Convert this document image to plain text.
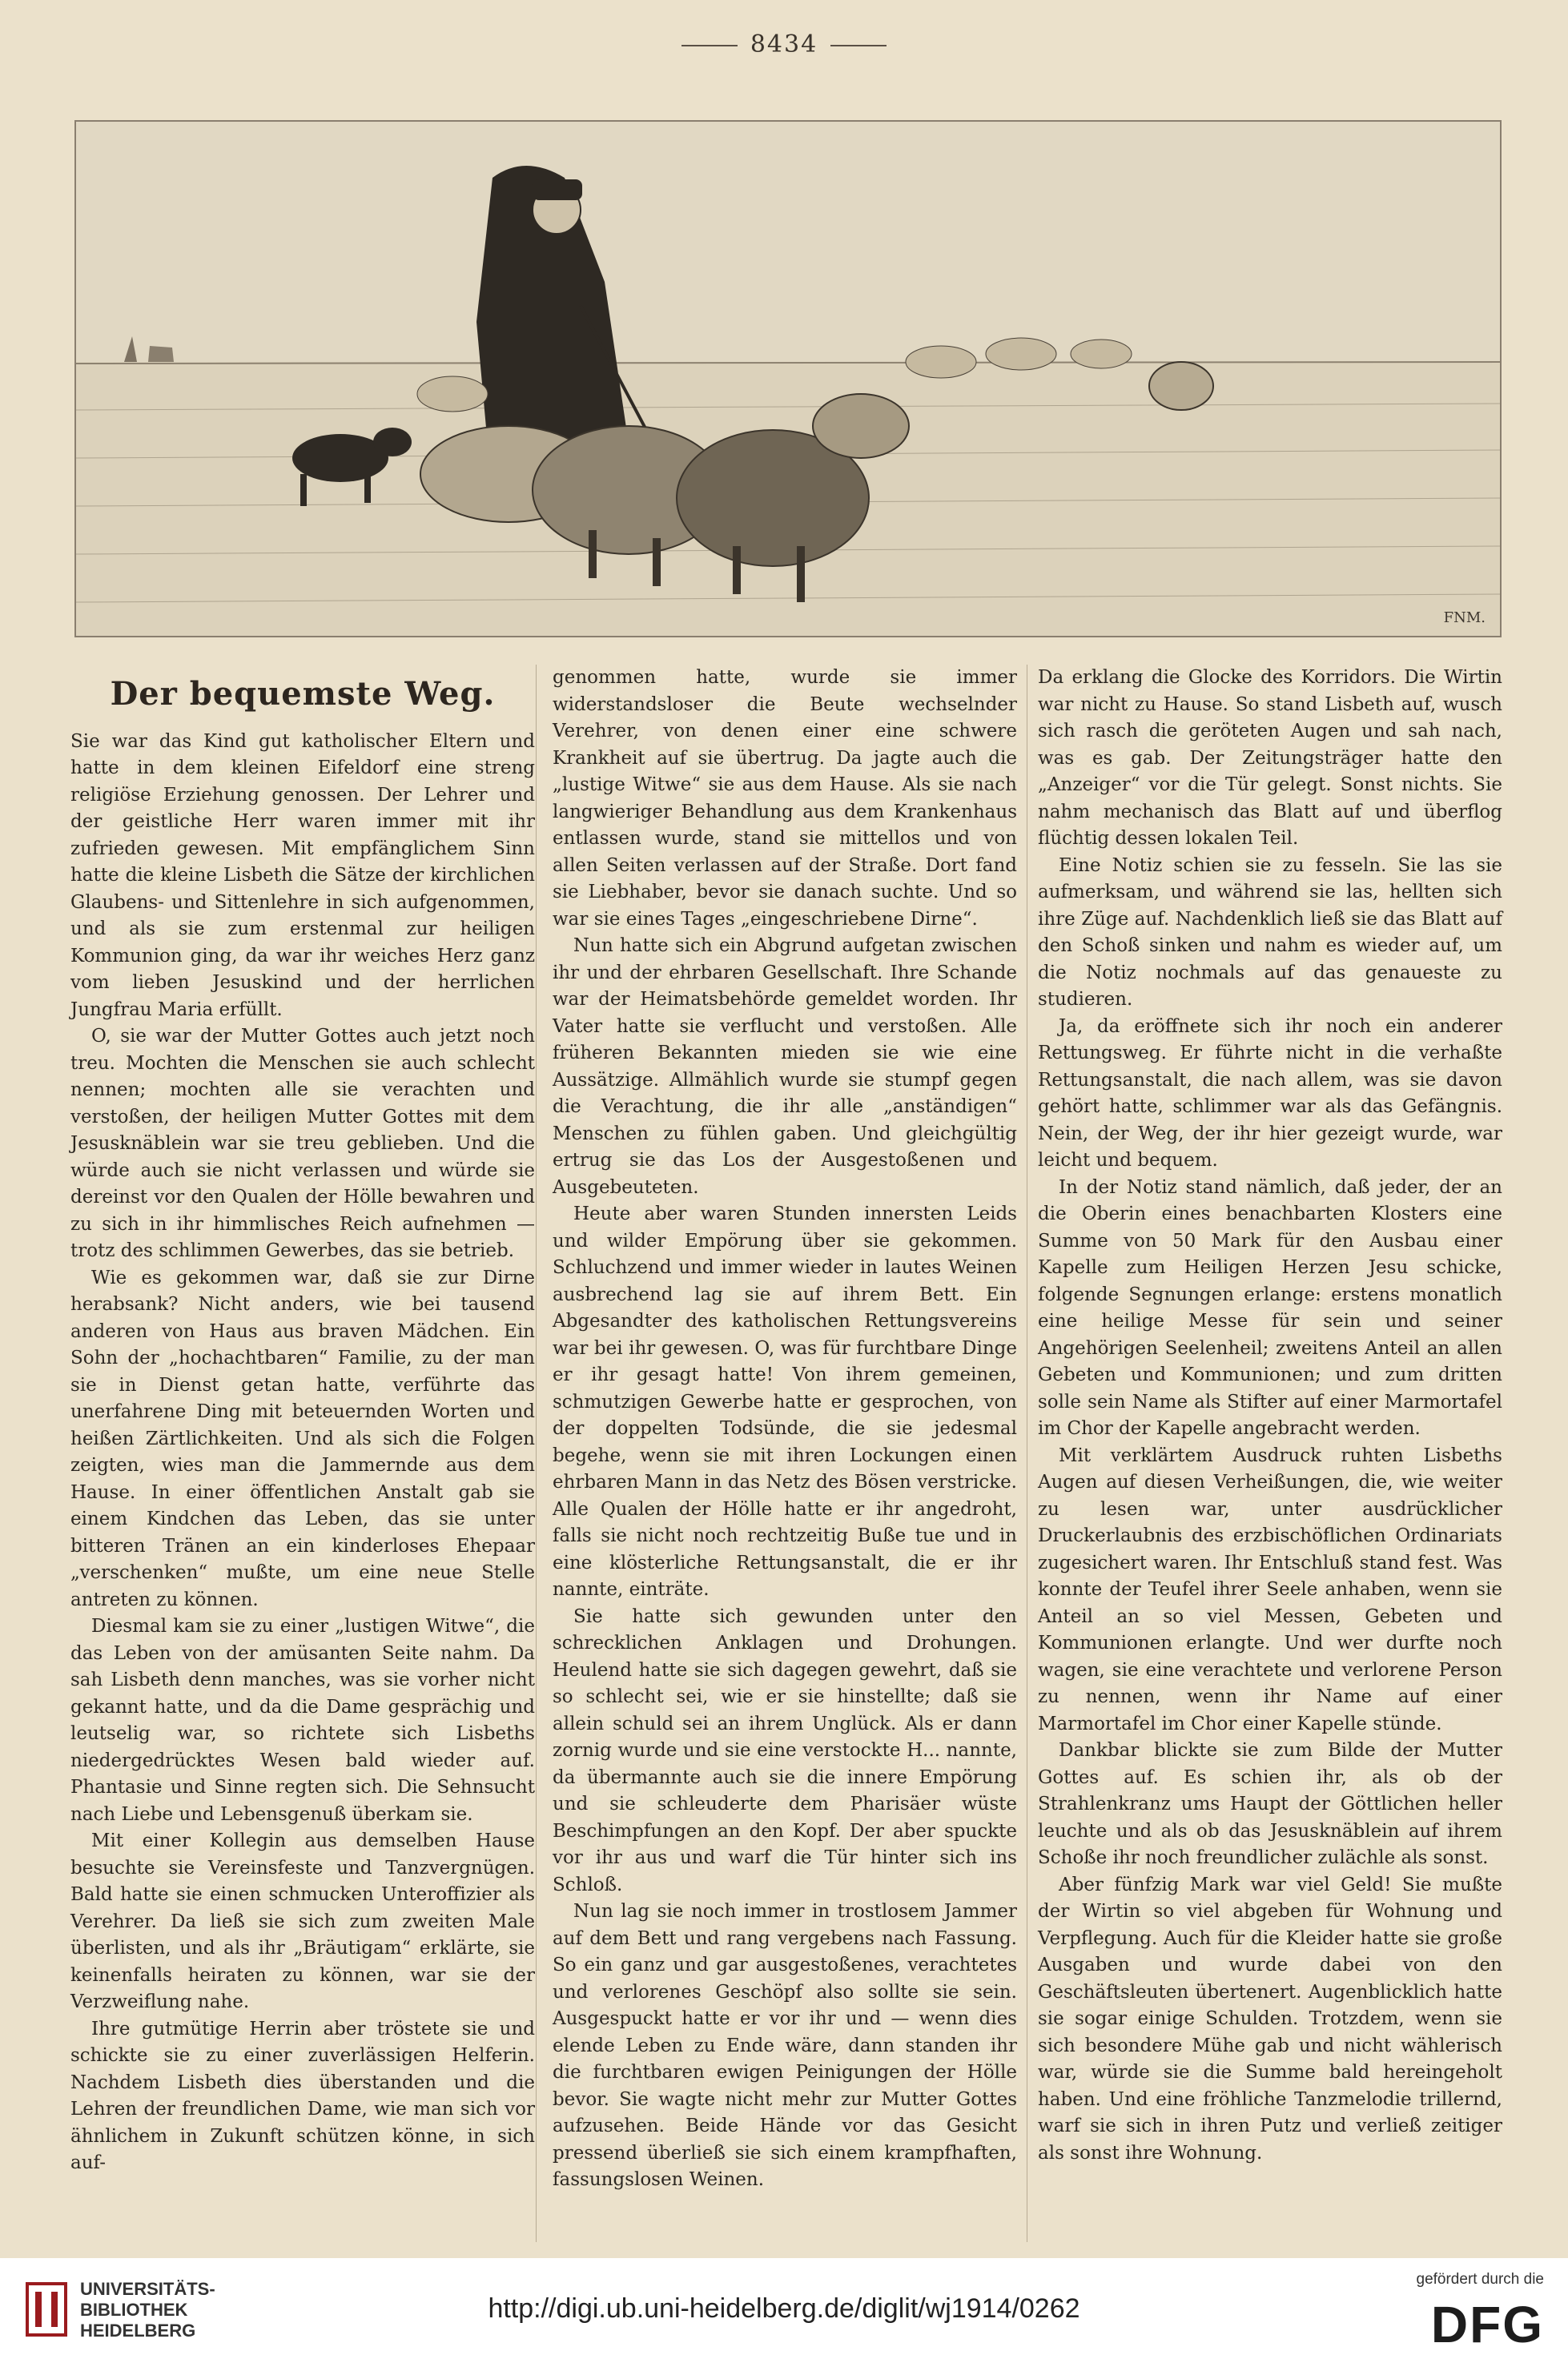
8434
FNM.
Der bequemste Weg.

Sie war das Kind gut katholischer Eltern und hatte in dem kleinen Eifeldorf eine streng religiöse Erziehung genossen. Der Lehrer und der geistliche Herr waren immer mit ihr zufrieden gewesen. Mit empfänglichem Sinn hatte die kleine Lisbeth die Sätze der kirchlichen Glaubens- und Sittenlehre in sich aufgenommen, und als sie zum erstenmal zur heiligen Kommunion ging, da war ihr weiches Herz ganz vom lieben Jesuskind und der herrlichen Jungfrau Maria erfüllt.

O, sie war der Mutter Gottes auch jetzt noch treu. Mochten die Menschen sie auch schlecht nennen; mochten alle sie verachten und verstoßen, der heiligen Mutter Gottes mit dem Jesusknäblein war sie treu geblieben. Und die würde auch sie nicht verlassen und würde sie dereinst vor den Qualen der Hölle bewahren und zu sich in ihr himmlisches Reich aufnehmen — trotz des schlimmen Gewerbes, das sie betrieb.

Wie es gekommen war, daß sie zur Dirne herabsank? Nicht anders, wie bei tausend anderen von Haus aus braven Mädchen. Ein Sohn der „hochachtbaren“ Familie, zu der man sie in Dienst getan hatte, verführte das unerfahrene Ding mit beteuernden Worten und heißen Zärtlichkeiten. Und als sich die Folgen zeigten, wies man die Jammernde aus dem Hause. In einer öffentlichen Anstalt gab sie einem Kindchen das Leben, das sie unter bitteren Tränen an ein kinderloses Ehepaar „verschenken“ mußte, um eine neue Stelle antreten zu können.

Diesmal kam sie zu einer „lustigen Witwe“, die das Leben von der amüsanten Seite nahm. Da sah Lisbeth denn manches, was sie vorher nicht gekannt hatte, und da die Dame gesprächig und leutselig war, so richtete sich Lisbeths niedergedrücktes Wesen bald wieder auf. Phantasie und Sinne regten sich. Die Sehnsucht nach Liebe und Lebensgenuß überkam sie.

Mit einer Kollegin aus demselben Hause besuchte sie Vereinsfeste und Tanzvergnügen. Bald hatte sie einen schmucken Unteroffizier als Verehrer. Da ließ sie sich zum zweiten Male überlisten, und als ihr „Bräutigam“ erklärte, sie keinenfalls heiraten zu können, war sie der Verzweiflung nahe.

Ihre gutmütige Herrin aber tröstete sie und schickte sie zu einer zuverlässigen Helferin. Nachdem Lisbeth dies überstanden und die Lehren der freundlichen Dame, wie man sich vor ähnlichem in Zukunft schützen könne, in sich auf-

genommen hatte, wurde sie immer widerstandsloser die Beute wechselnder Verehrer, von denen einer eine schwere Krankheit auf sie übertrug. Da jagte auch die „lustige Witwe“ sie aus dem Hause. Als sie nach langwieriger Behandlung aus dem Krankenhaus entlassen wurde, stand sie mittellos und von allen Seiten verlassen auf der Straße. Dort fand sie Liebhaber, bevor sie danach suchte. Und so war sie eines Tages „eingeschriebene Dirne“.

Nun hatte sich ein Abgrund aufgetan zwischen ihr und der ehrbaren Gesellschaft. Ihre Schande war der Heimatsbehörde gemeldet worden. Ihr Vater hatte sie verflucht und verstoßen. Alle früheren Bekannten mieden sie wie eine Aussätzige. Allmählich wurde sie stumpf gegen die Verachtung, die ihr alle „anständigen“ Menschen zu fühlen gaben. Und gleichgültig ertrug sie das Los der Ausgestoßenen und Ausgebeuteten.

Heute aber waren Stunden innersten Leids und wilder Empörung über sie gekommen. Schluchzend und immer wieder in lautes Weinen ausbrechend lag sie auf ihrem Bett. Ein Abgesandter des katholischen Rettungsvereins war bei ihr gewesen. O, was für furchtbare Dinge er ihr gesagt hatte! Von ihrem gemeinen, schmutzigen Gewerbe hatte er gesprochen, von der doppelten Todsünde, die sie jedesmal begehe, wenn sie mit ihren Lockungen einen ehrbaren Mann in das Netz des Bösen verstricke. Alle Qualen der Hölle hatte er ihr angedroht, falls sie nicht noch rechtzeitig Buße tue und in eine klösterliche Rettungsanstalt, die er ihr nannte, einträte.

Sie hatte sich gewunden unter den schrecklichen Anklagen und Drohungen. Heulend hatte sie sich dagegen gewehrt, daß sie so schlecht sei, wie er sie hinstellte; daß sie allein schuld sei an ihrem Unglück. Als er dann zornig wurde und sie eine verstockte H... nannte, da übermannte auch sie die innere Empörung und sie schleuderte dem Pharisäer wüste Beschimpfungen an den Kopf. Der aber spuckte vor ihr aus und warf die Tür hinter sich ins Schloß.

Nun lag sie noch immer in trostlosem Jammer auf dem Bett und rang vergebens nach Fassung. So ein ganz und gar ausgestoßenes, verachtetes und verlorenes Geschöpf also sollte sie sein. Ausgespuckt hatte er vor ihr und — wenn dies elende Leben zu Ende wäre, dann standen ihr die furchtbaren ewigen Peinigungen der Hölle bevor. Sie wagte nicht mehr zur Mutter Gottes aufzusehen. Beide Hände vor das Gesicht pressend überließ sie sich einem krampfhaften, fassungslosen Weinen.

Da erklang die Glocke des Korridors. Die Wirtin war nicht zu Hause. So stand Lisbeth auf, wusch sich rasch die geröteten Augen und sah nach, was es gab. Der Zeitungsträger hatte den „Anzeiger“ vor die Tür gelegt. Sonst nichts. Sie nahm mechanisch das Blatt auf und überflog flüchtig dessen lokalen Teil.

Eine Notiz schien sie zu fesseln. Sie las sie aufmerksam, und während sie las, hellten sich ihre Züge auf. Nachdenklich ließ sie das Blatt auf den Schoß sinken und nahm es wieder auf, um die Notiz nochmals auf das genaueste zu studieren.

Ja, da eröffnete sich ihr noch ein anderer Rettungsweg. Er führte nicht in die verhaßte Rettungsanstalt, die nach allem, was sie davon gehört hatte, schlimmer war als das Gefängnis. Nein, der Weg, der ihr hier gezeigt wurde, war leicht und bequem.

In der Notiz stand nämlich, daß jeder, der an die Oberin eines benachbarten Klosters eine Summe von 50 Mark für den Ausbau einer Kapelle zum Heiligen Herzen Jesu schicke, folgende Segnungen erlange: erstens monatlich eine heilige Messe für sein und seiner Angehörigen Seelenheil; zweitens Anteil an allen Gebeten und Kommunionen; und zum dritten solle sein Name als Stifter auf einer Marmortafel im Chor der Kapelle angebracht werden.

Mit verklärtem Ausdruck ruhten Lisbeths Augen auf diesen Verheißungen, die, wie weiter zu lesen war, unter ausdrücklicher Druckerlaubnis des erzbischöflichen Ordinariats zugesichert waren. Ihr Entschluß stand fest. Was konnte der Teufel ihrer Seele anhaben, wenn sie Anteil an so viel Messen, Gebeten und Kommunionen erlangte. Und wer durfte noch wagen, sie eine verachtete und verlorene Person zu nennen, wenn ihr Name auf einer Marmortafel im Chor einer Kapelle stünde.

Dankbar blickte sie zum Bilde der Mutter Gottes auf. Es schien ihr, als ob der Strahlenkranz ums Haupt der Göttlichen heller leuchte und als ob das Jesusknäblein auf ihrem Schoße ihr noch freundlicher zulächle als sonst.

Aber fünfzig Mark war viel Geld! Sie mußte der Wirtin so viel abgeben für Wohnung und Verpflegung. Auch für die Kleider hatte sie große Ausgaben und wurde dabei von den Geschäftsleuten übertenert. Augenblicklich hatte sie sogar einige Schulden. Trotzdem, wenn sie sich besondere Mühe gab und nicht wählerisch war, würde sie die Summe bald hereingeholt haben. Und eine fröhliche Tanzmelodie trillernd, warf sie sich in ihren Putz und verließ zeitiger als sonst ihre Wohnung.

UNIVERSITÄTS-
BIBLIOTHEK
HEIDELBERG
http://digi.ub.uni-heidelberg.de/diglit/wj1914/0262
gefördert durch die
DFG
